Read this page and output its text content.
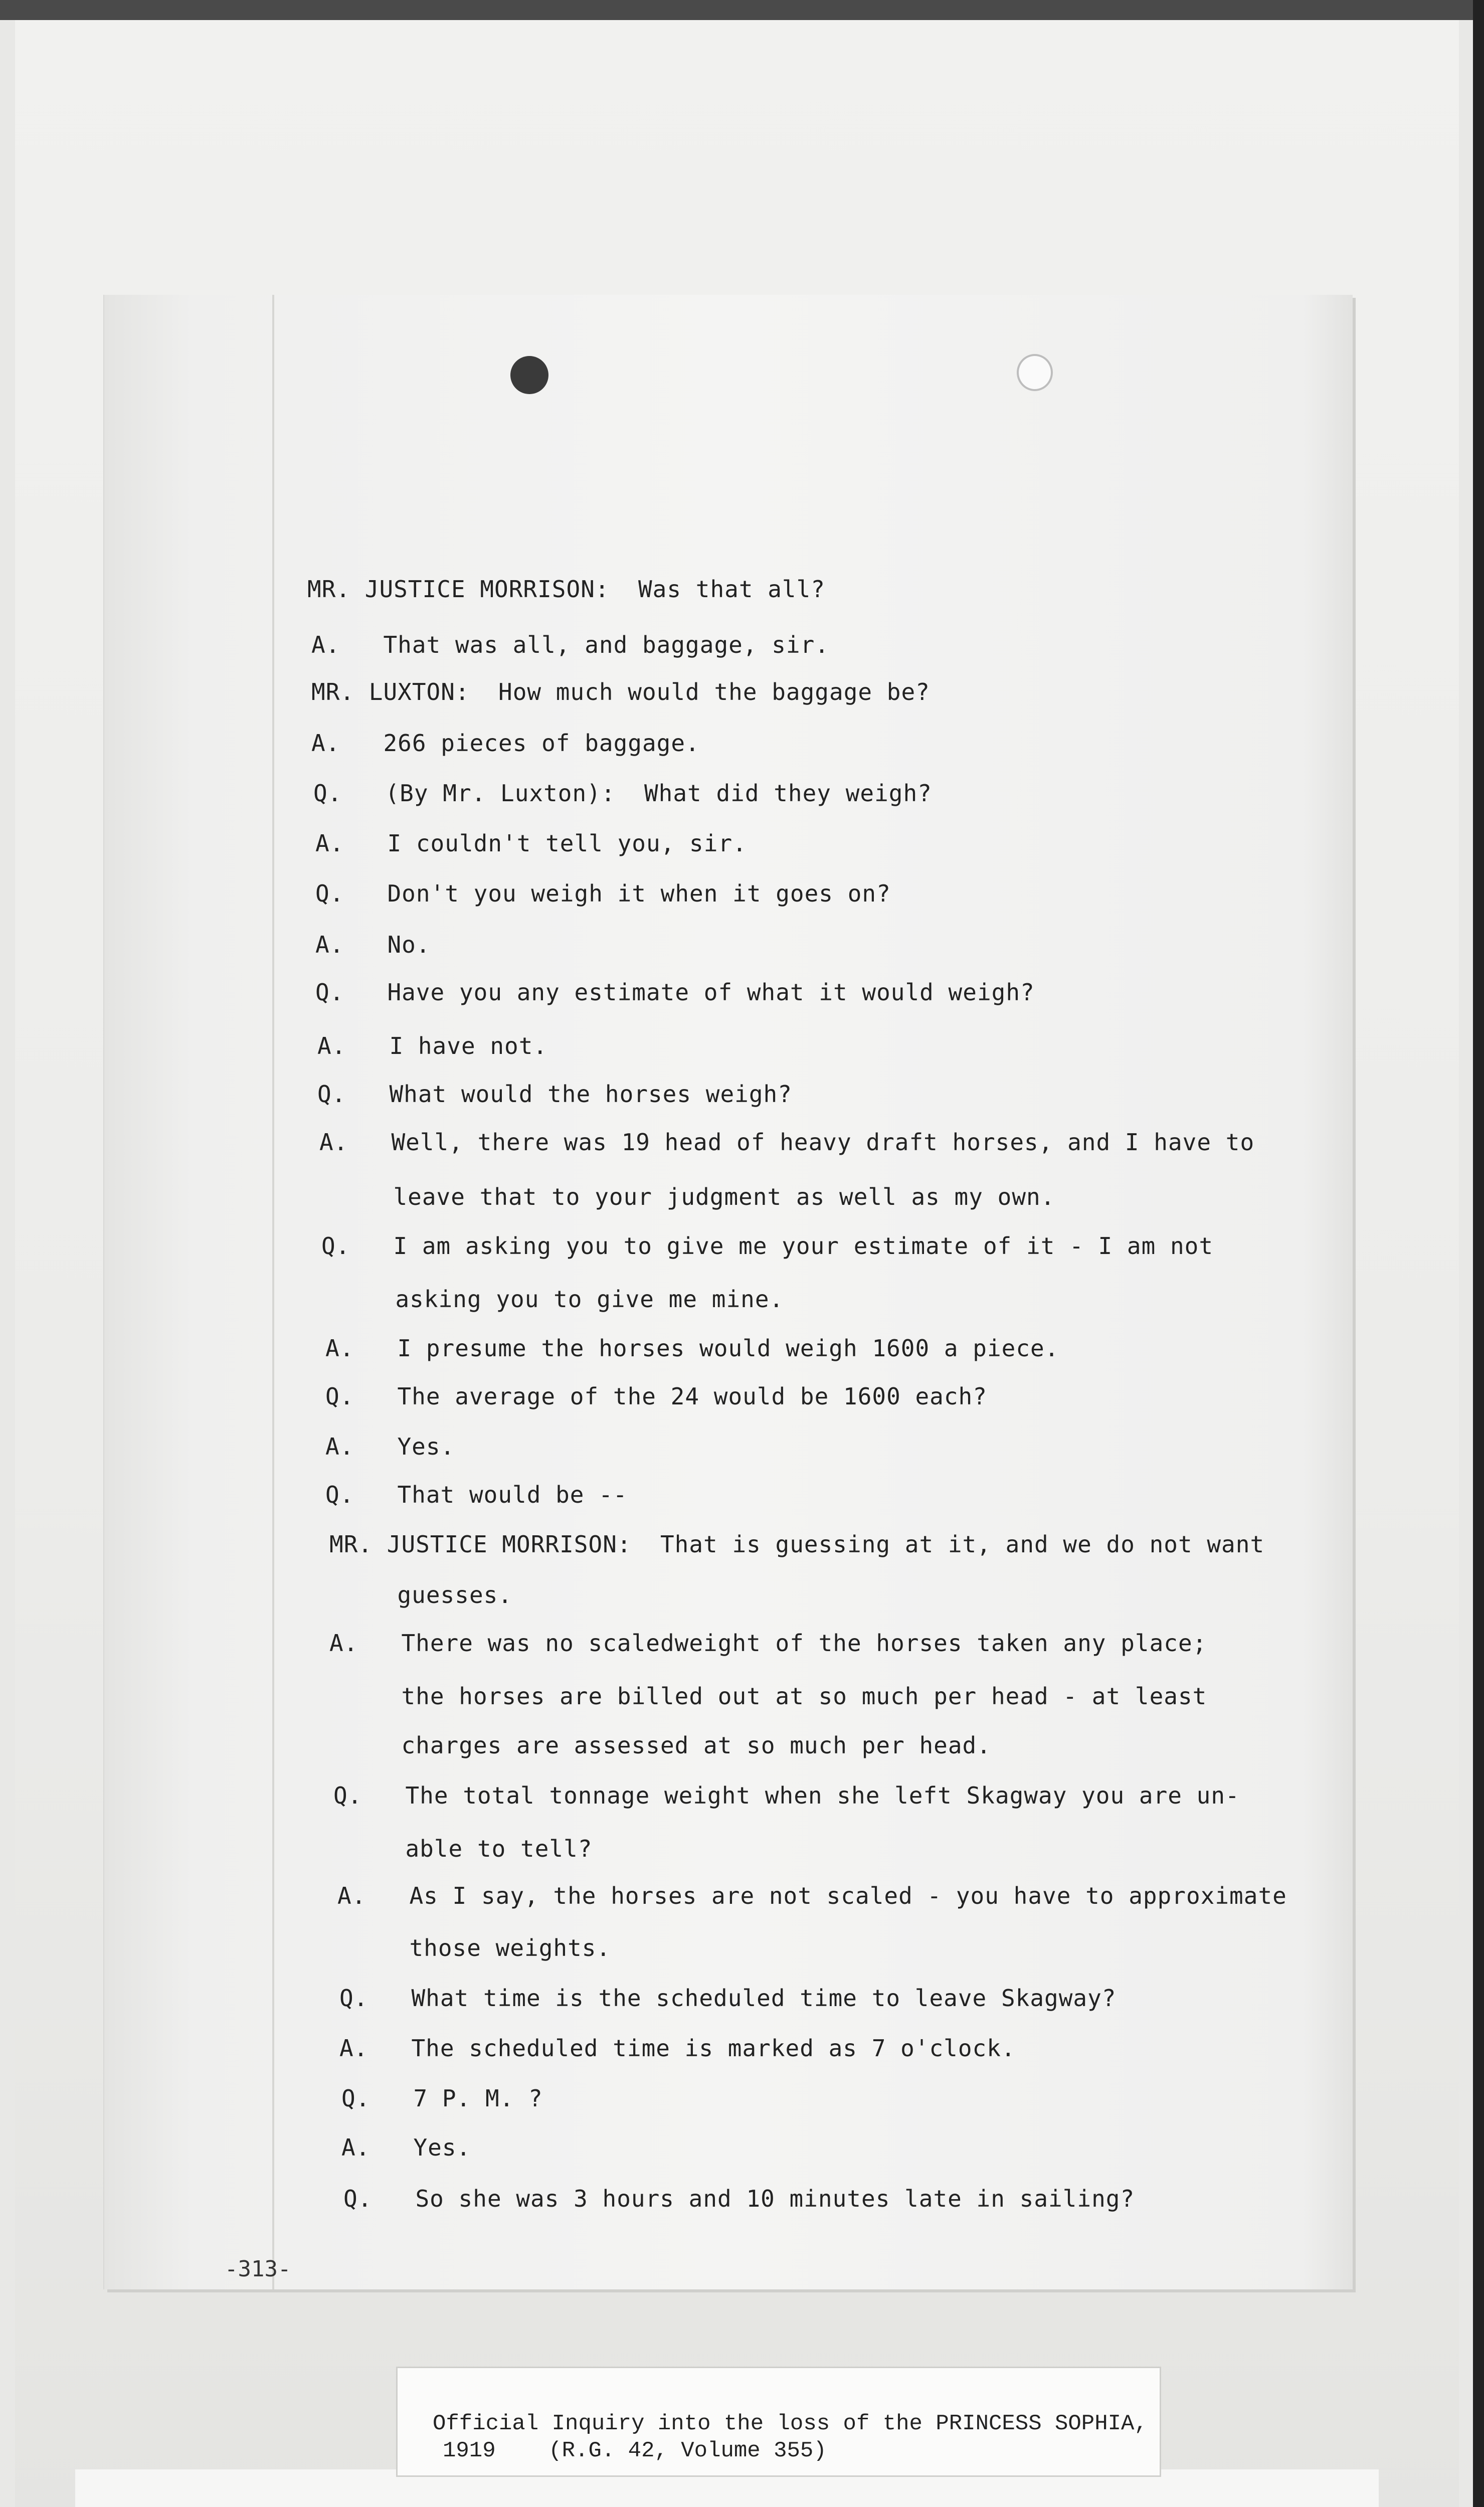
MR. JUSTICE MORRISON:  Was that all?
A.   That was all, and baggage, sir.
MR. LUXTON:  How much would the baggage be?
A.   266 pieces of baggage.
Q.   (By Mr. Luxton):  What did they weigh?
A.   I couldn't tell you, sir.
Q.   Don't you weigh it when it goes on?
A.   No.
Q.   Have you any estimate of what it would weigh?
A.   I have not.
Q.   What would the horses weigh?
A.   Well, there was 19 head of heavy draft horses, and I have to
leave that to your judgment as well as my own.
Q.   I am asking you to give me your estimate of it - I am not
asking you to give me mine.
A.   I presume the horses would weigh 1600 a piece.
Q.   The average of the 24 would be 1600 each?
A.   Yes.
Q.   That would be --
MR. JUSTICE MORRISON:  That is guessing at it, and we do not want
guesses.
A.   There was no scaledweight of the horses taken any place;
the horses are billed out at so much per head - at least
charges are assessed at so much per head.
Q.   The total tonnage weight when she left Skagway you are un-
able to tell?
A.   As I say, the horses are not scaled - you have to approximate
those weights.
Q.   What time is the scheduled time to leave Skagway?
A.   The scheduled time is marked as 7 o'clock.
Q.   7 P. M. ?
A.   Yes.
Q.   So she was 3 hours and 10 minutes late in sailing?
-313-
Official Inquiry into the loss of the PRINCESS SOPHIA,
1919    (R.G. 42, Volume 355)
